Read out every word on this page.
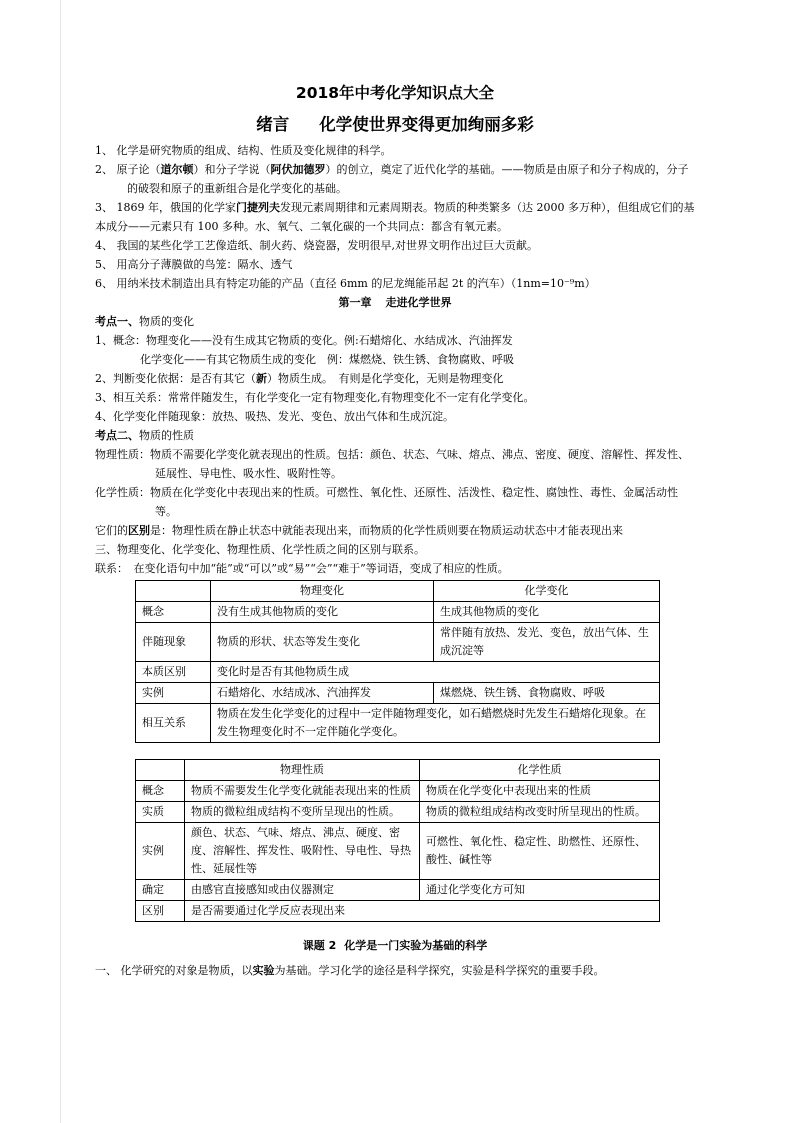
2018年中考化学知识点大全

绪言 化学使世界变得更加绚丽多彩

1、 化学是研究物质的组成、结构、性质及变化规律的科学。

2、 原子论（道尔顿）和分子学说（阿伏加德罗）的创立，奠定了近代化学的基础。——物质是由原子和分子构成的，分子的破裂和原子的重新组合是化学变化的基础。

3、 1869 年，俄国的化学家门捷列夫发现元素周期律和元素周期表。物质的种类繁多（达 2000 多万种），但组成它们的基本成分——元素只有 100 多种。水、氧气、二氧化碳的一个共同点：都含有氧元素。

4、 我国的某些化学工艺像造纸、制火药、烧瓷器，发明很早,对世界文明作出过巨大贡献。

5、 用高分子薄膜做的鸟笼：隔水、透气

6、 用纳米技术制造出具有特定功能的产品（直径 6mm 的尼龙绳能吊起 2t 的汽车）（1nm=10⁻⁹m）

第一章 走进化学世界

考点一、物质的变化

1、概念：物理变化——没有生成其它物质的变化。例:石蜡熔化、水结成冰、汽油挥发

化学变化——有其它物质生成的变化　例：煤燃烧、铁生锈、食物腐败、呼吸

2、判断变化依据：是否有其它（新）物质生成。　有则是化学变化，无则是物理变化

3、相互关系：常常伴随发生，有化学变化一定有物理变化,有物理变化不一定有化学变化。

4、化学变化伴随现象：放热、吸热、发光、变色、放出气体和生成沉淀。

考点二、物质的性质

物理性质：物质不需要化学变化就表现出的性质。包括：颜色、状态、气味、熔点、沸点、密度、硬度、溶解性、挥发性、延展性、导电性、吸水性、吸附性等。

化学性质：物质在化学变化中表现出来的性质。可燃性、氧化性、还原性、活泼性、稳定性、腐蚀性、毒性、金属活动性等。

它们的区别是：物理性质在静止状态中就能表现出来，而物质的化学性质则要在物质运动状态中才能表现出来

三、物理变化、化学变化、物理性质、化学性质之间的区别与联系。

联系：　在变化语句中加“能”或“可以”或“易”“会”“难于”等词语，变成了相应的性质。

	物理变化	化学变化
概念	没有生成其他物质的变化	生成其他物质的变化
伴随现象	物质的形状、状态等发生变化	常伴随有放热、发光、变色，放出气体、生成沉淀等
本质区别	变化时是否有其他物质生成	
实例	石蜡熔化、水结成冰、汽油挥发	煤燃烧、铁生锈、食物腐败、呼吸
相互关系	物质在发生化学变化的过程中一定伴随物理变化，如石蜡燃烧时先发生石蜡熔化现象。在发生物理变化时不一定伴随化学变化。	
	物理性质	化学性质
概念	物质不需要发生化学变化就能表现出来的性质	物质在化学变化中表现出来的性质
实质	物质的微粒组成结构不变所呈现出的性质。	物质的微粒组成结构改变时所呈现出的性质。
实例	颜色、状态、气味、熔点、沸点、硬度、密度、溶解性、挥发性、吸附性、导电性、导热性、延展性等	可燃性、氧化性、稳定性、助燃性、还原性、酸性、碱性等
确定	由感官直接感知或由仪器测定	通过化学变化方可知
区别	是否需要通过化学反应表现出来	

课题 2 化学是一门实验为基础的科学

一、 化学研究的对象是物质，以实验为基础。学习化学的途径是科学探究，实验是科学探究的重要手段。
